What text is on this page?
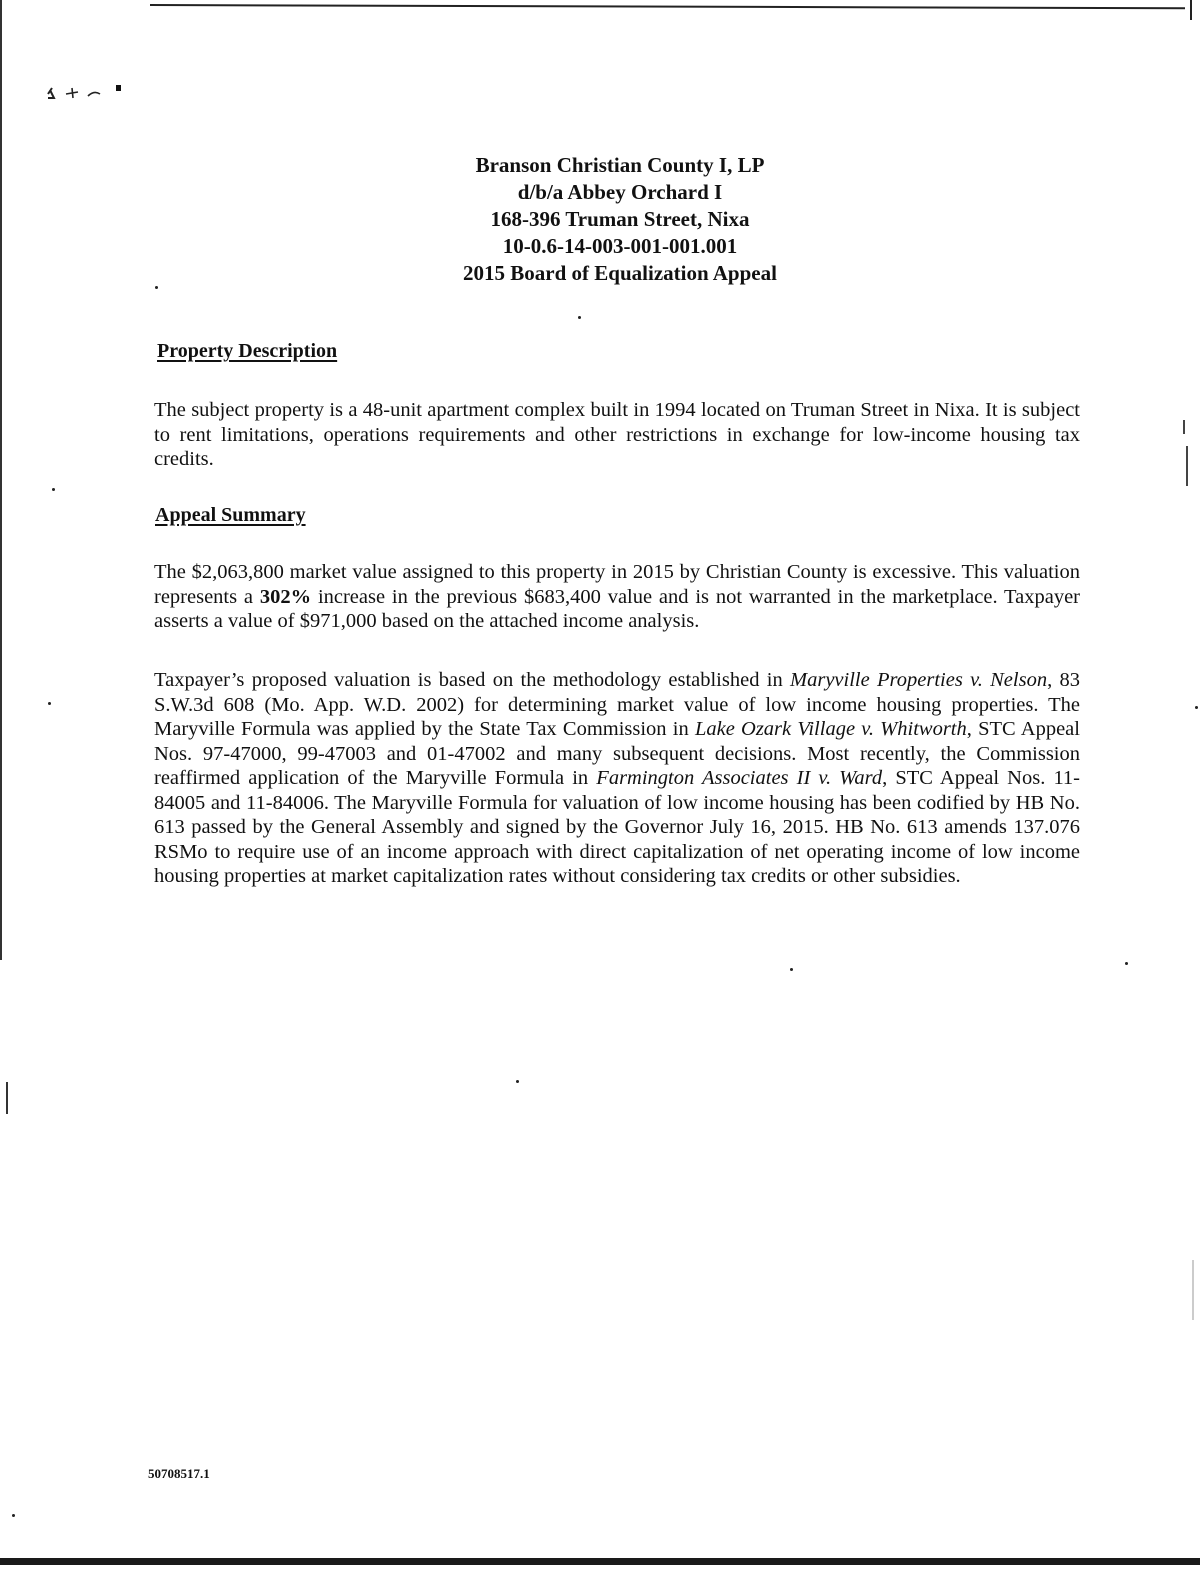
Branson Christian County I, LP
d/b/a Abbey Orchard I
168-396 Truman Street, Nixa
10-0.6-14-003-001-001.001
2015 Board of Equalization Appeal
Property Description
The subject property is a 48-unit apartment complex built in 1994 located on Truman Street in Nixa. It is subject to rent limitations, operations requirements and other restrictions in exchange for low-income housing tax credits.
Appeal Summary
The $2,063,800 market value assigned to this property in 2015 by Christian County is excessive. This valuation represents a 302% increase in the previous $683,400 value and is not warranted in the marketplace. Taxpayer asserts a value of $971,000 based on the attached income analysis.
Taxpayer’s proposed valuation is based on the methodology established in Maryville Properties v. Nelson, 83 S.W.3d 608 (Mo. App. W.D. 2002) for determining market value of low income housing properties. The Maryville Formula was applied by the State Tax Commission in Lake Ozark Village v. Whitworth, STC Appeal Nos. 97-47000, 99-47003 and 01-47002 and many subsequent decisions. Most recently, the Commission reaffirmed application of the Maryville Formula in Farmington Associates II v. Ward, STC Appeal Nos. 11-84005 and 11-84006. The Maryville Formula for valuation of low income housing has been codified by HB No. 613 passed by the General Assembly and signed by the Governor July 16, 2015. HB No. 613 amends 137.076 RSMo to require use of an income approach with direct capitalization of net operating income of low income housing properties at market capitalization rates without considering tax credits or other subsidies.
50708517.1
